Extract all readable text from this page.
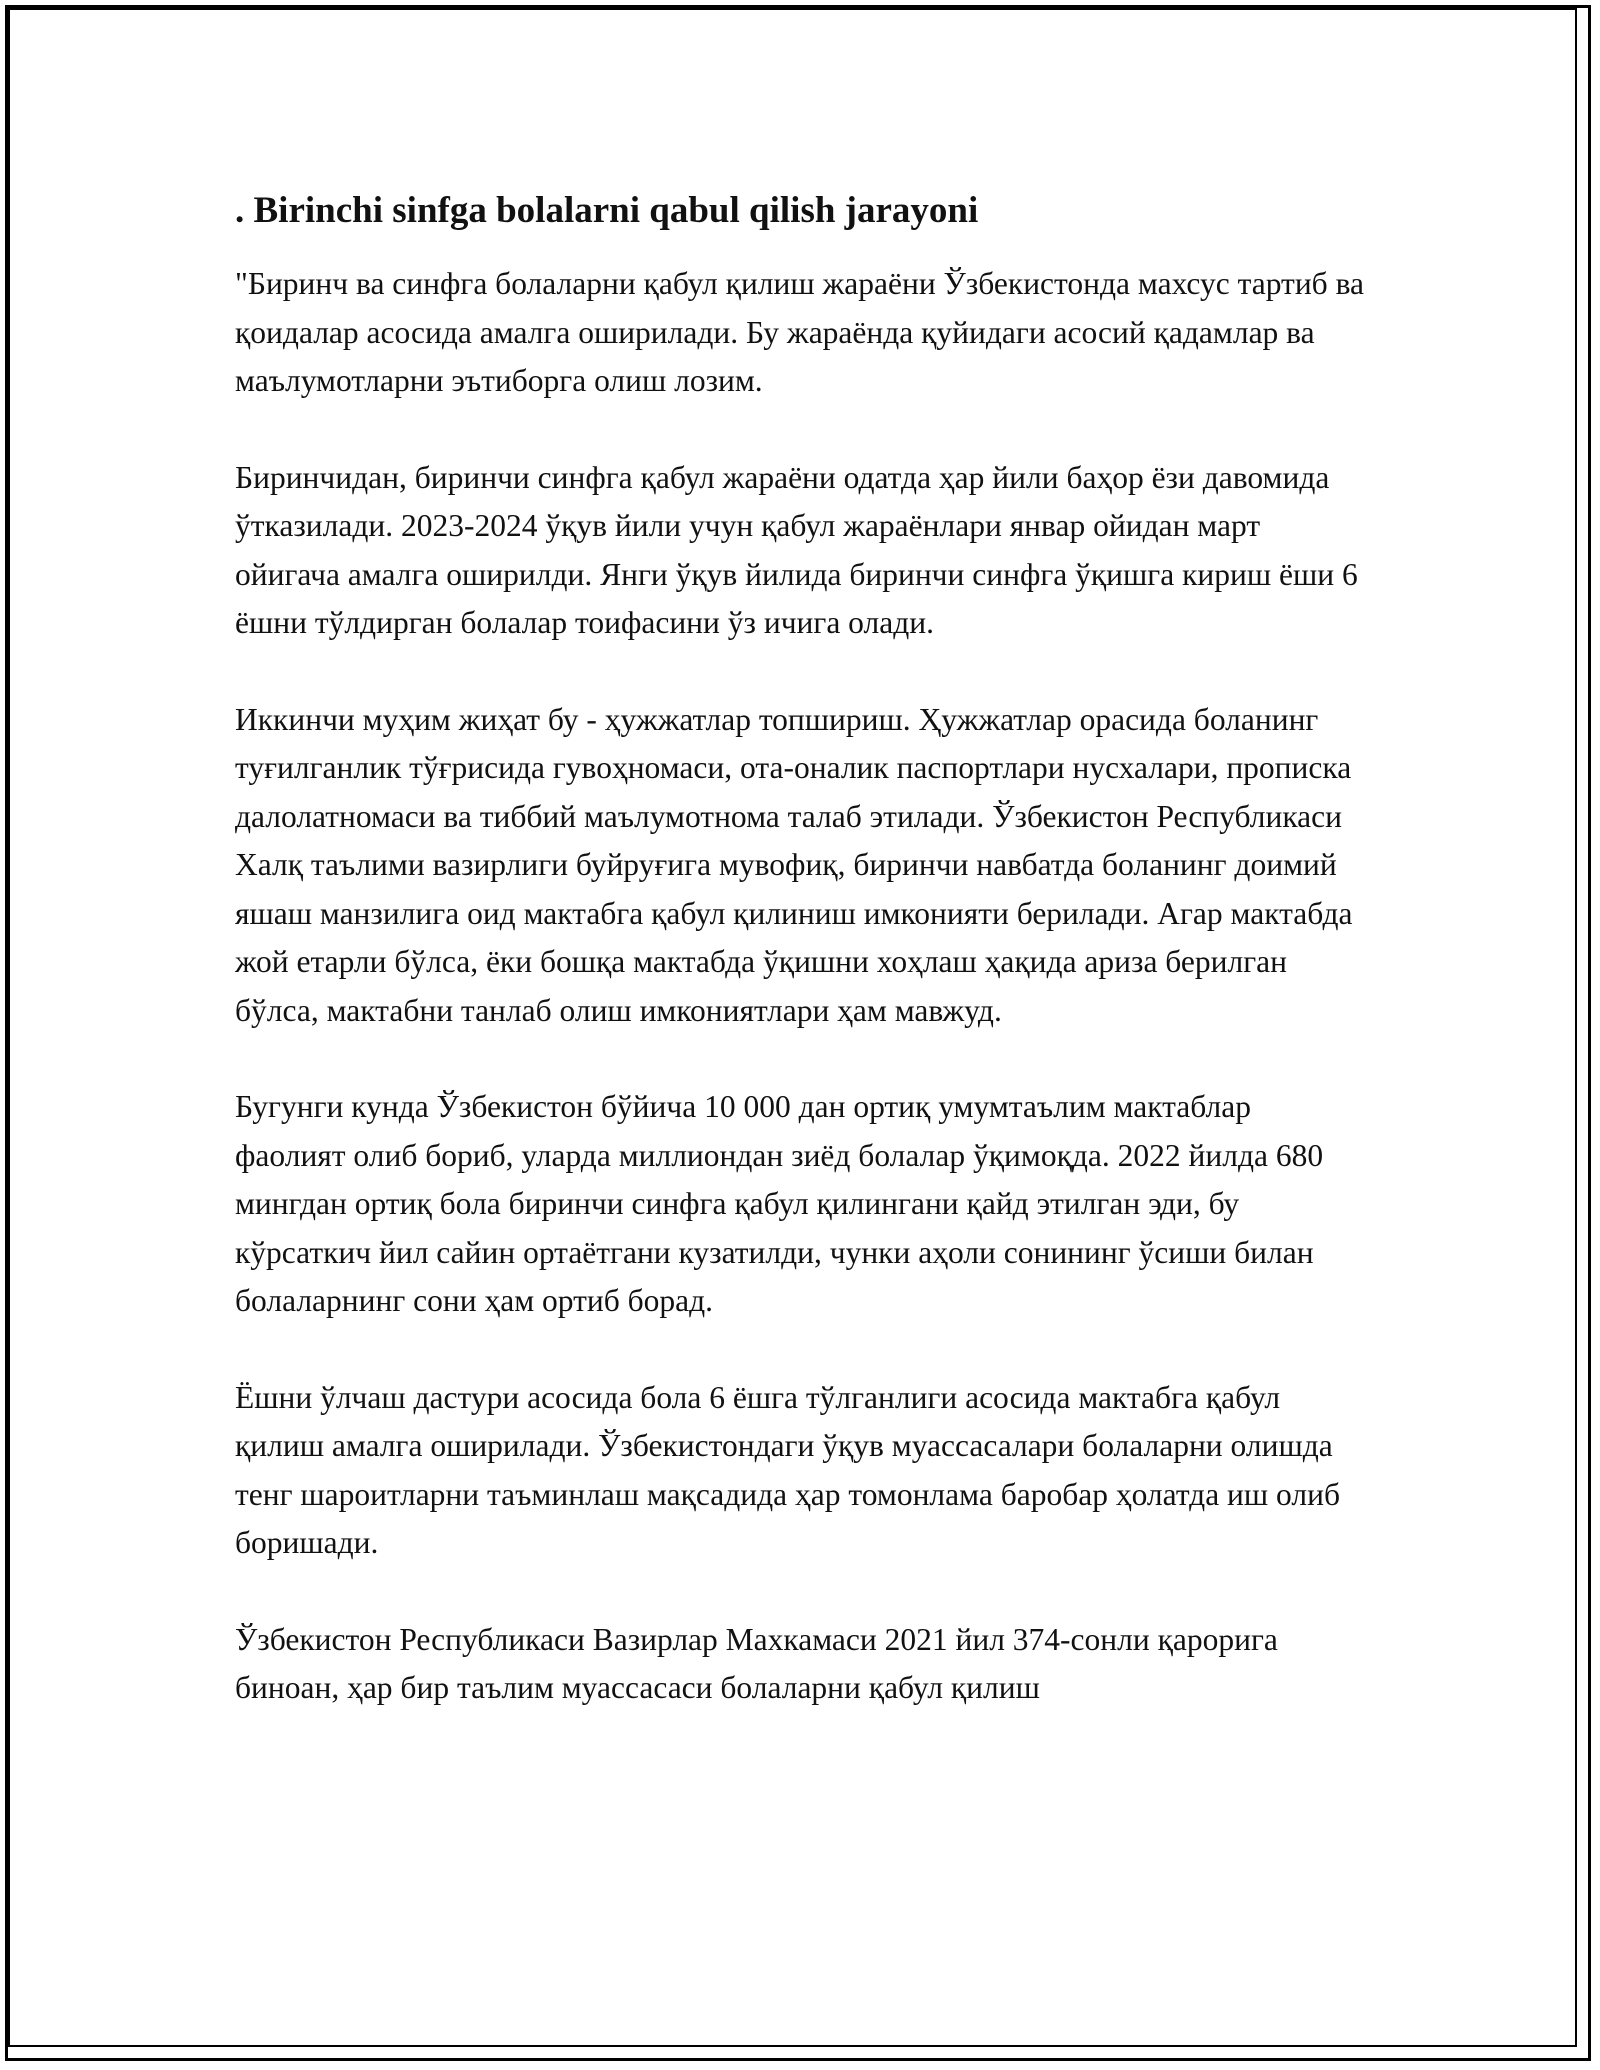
. Birinchi sinfga bolalarni qabul qilish jarayoni

"Биринч ва синфга болаларни қабул қилиш жараёни Ўзбекистонда махсус тартиб ва қоидалар асосида амалга оширилади. Бу жараёнда қуйидаги асосий қадамлар ва маълумотларни эътиборга олиш лозим.

Биринчидан, биринчи синфга қабул жараёни одатда ҳар йили баҳор ёзи давомида ўтказилади. 2023-2024 ўқув йили учун қабул жараёнлари январ ойидан март ойигача амалга оширилди. Янги ўқув йилида биринчи синфга ўқишга кириш ёши 6 ёшни тўлдирган болалар тоифасини ўз ичига олади.

Иккинчи муҳим жиҳат бу - ҳужжатлар топшириш. Ҳужжатлар орасида боланинг туғилганлик тўғрисида гувоҳномаси, ота-оналик паспортлари нусхалари, прописка далолатномаси ва тиббий маълумотнома талаб этилади. Ўзбекистон Республикаси Халқ таълими вазирлиги буйруғига мувофиқ, биринчи навбатда боланинг доимий яшаш манзилига оид мактабга қабул қилиниш имконияти берилади. Агар мактабда жой етарли бўлса, ёки бошқа мактабда ўқишни хоҳлаш ҳақида ариза берилган бўлса, мактабни танлаб олиш имкониятлари ҳам мавжуд.

Бугунги кунда Ўзбекистон бўйича 10 000 дан ортиқ умумтаълим мактаблар фаолият олиб бориб, уларда миллиондан зиёд болалар ўқимоқда. 2022 йилда 680 мингдан ортиқ бола биринчи синфга қабул қилингани қайд этилган эди, бу кўрсаткич йил сайин ортаётгани кузатилди, чунки аҳоли сонининг ўсиши билан болаларнинг сони ҳам ортиб борад.

Ёшни ўлчаш дастури асосида бола 6 ёшга тўлганлиги асосида мактабга қабул қилиш амалга оширилади. Ўзбекистондаги ўқув муассасалари болаларни олишда тенг шароитларни таъминлаш мақсадида ҳар томонлама баробар ҳолатда иш олиб боришади.

Ўзбекистон Республикаси Вазирлар Махкамаси 2021 йил 374-сонли қарорига биноан, ҳар бир таълим муассасаси болаларни қабул қилиш
